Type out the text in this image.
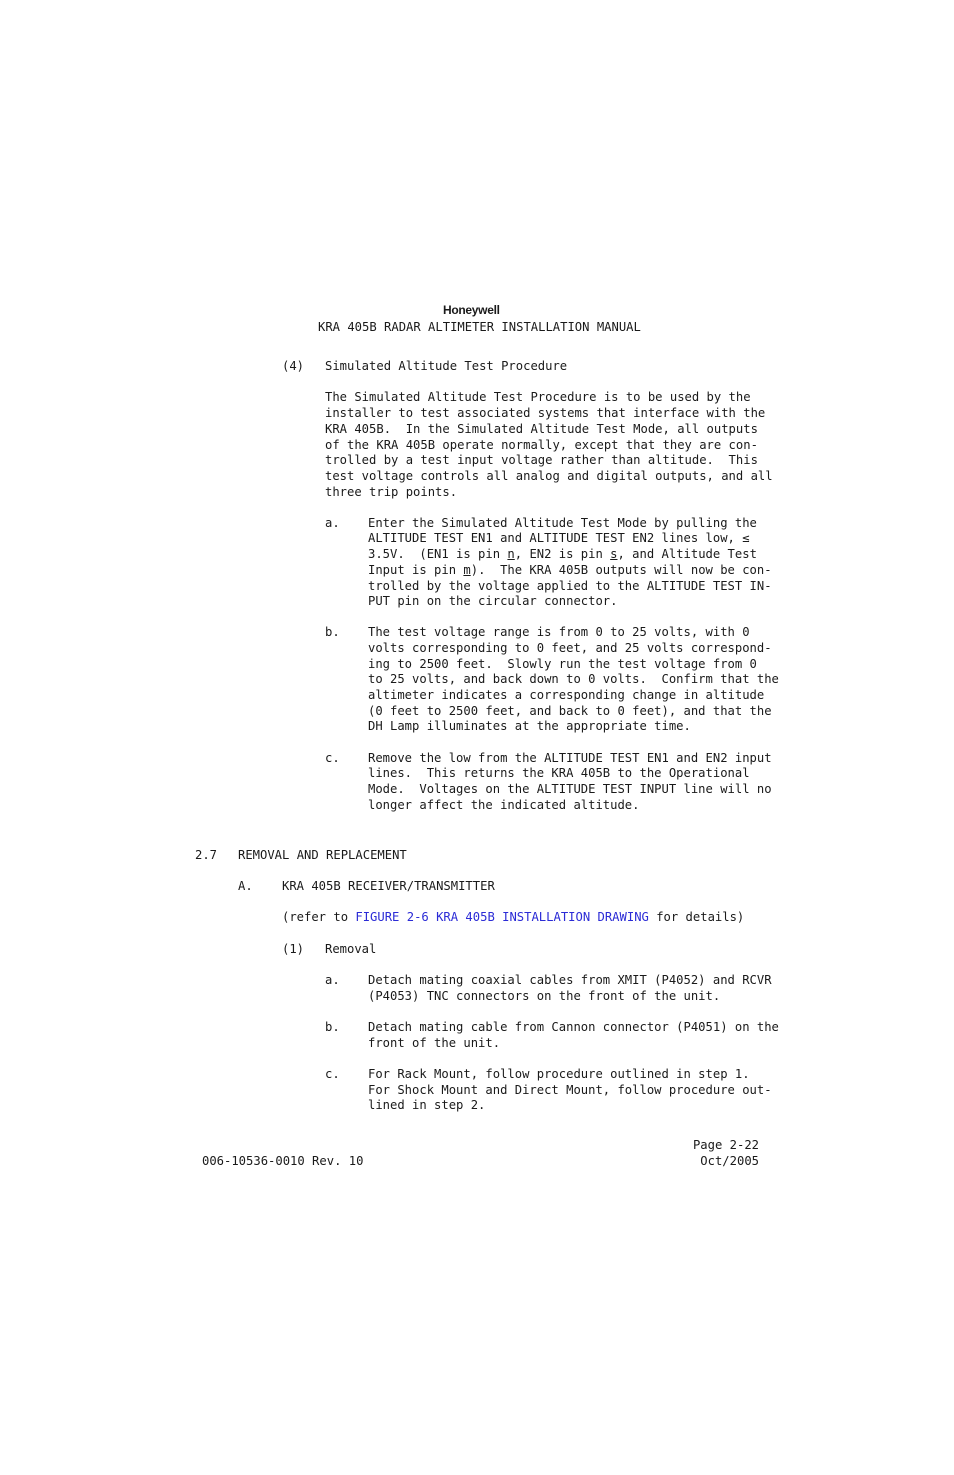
Honeywell
KRA 405B RADAR ALTIMETER INSTALLATION MANUAL
(4) Simulated Altitude Test Procedure
The Simulated Altitude Test Procedure is to be used by the
installer to test associated systems that interface with the
KRA 405B.  In the Simulated Altitude Test Mode, all outputs
of the KRA 405B operate normally, except that they are con-
trolled by a test input voltage rather than altitude.  This
test voltage controls all analog and digital outputs, and all
three trip points.
a. Enter the Simulated Altitude Test Mode by pulling the
ALTITUDE TEST EN1 and ALTITUDE TEST EN2 lines low, ≤
3.5V.  (EN1 is pin n, EN2 is pin s, and Altitude Test
Input is pin m).  The KRA 405B outputs will now be con-
trolled by the voltage applied to the ALTITUDE TEST IN-
PUT pin on the circular connector.
b. The test voltage range is from 0 to 25 volts, with 0
volts corresponding to 0 feet, and 25 volts correspond-
ing to 2500 feet.  Slowly run the test voltage from 0
to 25 volts, and back down to 0 volts.  Confirm that the
altimeter indicates a corresponding change in altitude
(0 feet to 2500 feet, and back to 0 feet), and that the
DH Lamp illuminates at the appropriate time.
c. Remove the low from the ALTITUDE TEST EN1 and EN2 input
lines.  This returns the KRA 405B to the Operational
Mode.  Voltages on the ALTITUDE TEST INPUT line will no
longer affect the indicated altitude.
2.7 REMOVAL AND REPLACEMENT
A. KRA 405B RECEIVER/TRANSMITTER
(refer to FIGURE 2-6 KRA 405B INSTALLATION DRAWING for details)
(1) Removal
a. Detach mating coaxial cables from XMIT (P4052) and RCVR
(P4053) TNC connectors on the front of the unit.
b. Detach mating cable from Cannon connector (P4051) on the
front of the unit.
c. For Rack Mount, follow procedure outlined in step 1.
For Shock Mount and Direct Mount, follow procedure out-
lined in step 2.
Page 2-22
006-10536-0010 Rev. 10	Oct/2005
